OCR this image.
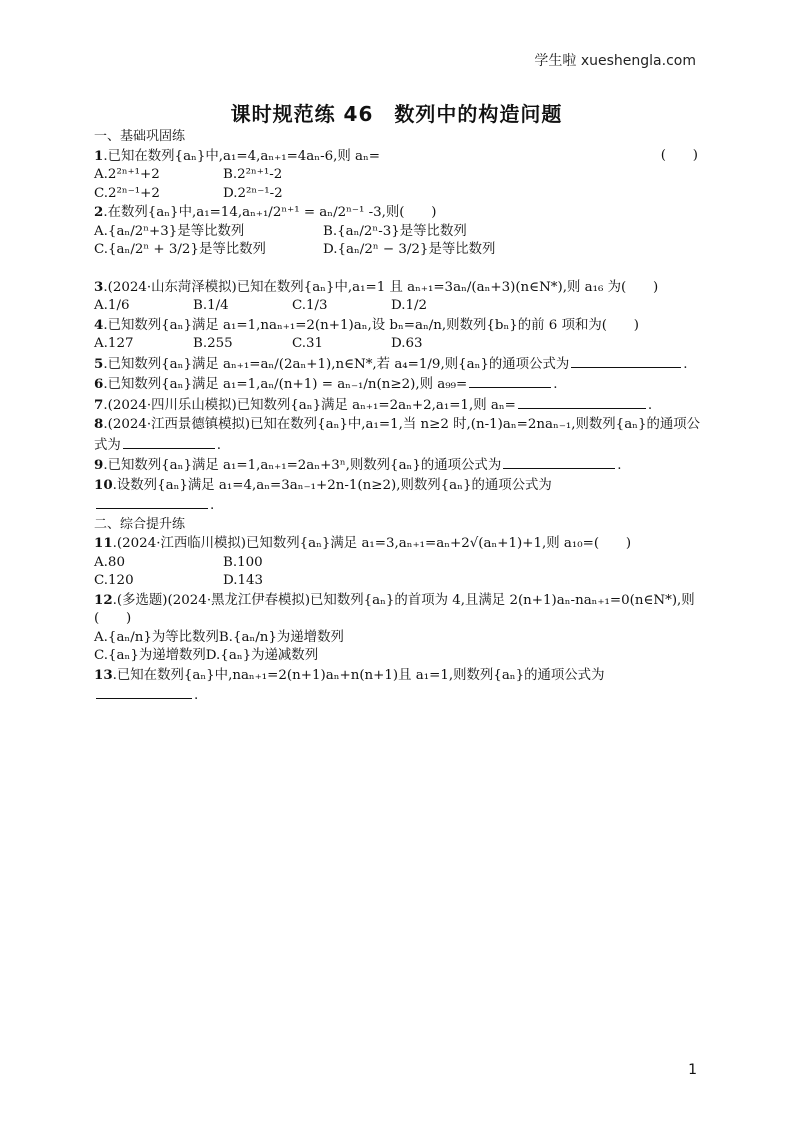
学生啦 xueshengla.com
课时规范练 46　数列中的构造问题
一、基础巩固练
1.已知在数列{aₙ}中,a₁=4,aₙ₊₁=4aₙ-6,则 aₙ=	(　　)
A.2²ⁿ⁺¹+2	B.2²ⁿ⁺¹-2
C.2²ⁿ⁻¹+2	D.2²ⁿ⁻¹-2
2.在数列{aₙ}中,a₁=14,aₙ₊₁/2ⁿ⁺¹ = aₙ/2ⁿ⁻¹ -3,则(　　)
A.{aₙ/2ⁿ+3}是等比数列	B.{aₙ/2ⁿ-3}是等比数列
C.{aₙ/2ⁿ + 3/2}是等比数列	D.{aₙ/2ⁿ − 3/2}是等比数列
3.(2024·山东菏泽模拟)已知在数列{aₙ}中,a₁=1 且 aₙ₊₁=3aₙ/(aₙ+3)(n∈N*),则 a₁₆ 为(　　)
A.1/6	B.1/4	C.1/3	D.1/2
4.已知数列{aₙ}满足 a₁=1,naₙ₊₁=2(n+1)aₙ,设 bₙ=aₙ/n,则数列{bₙ}的前 6 项和为(　　)
A.127	B.255	C.31	D.63
5.已知数列{aₙ}满足 aₙ₊₁=aₙ/(2aₙ+1),n∈N*,若 a₄=1/9,则{aₙ}的通项公式为	.
6.已知数列{aₙ}满足 a₁=1,aₙ/(n+1) = aₙ₋₁/n(n≥2),则 a₉₉=	.
7.(2024·四川乐山模拟)已知数列{aₙ}满足 aₙ₊₁=2aₙ+2,a₁=1,则 aₙ=	.
8.(2024·江西景德镇模拟)已知在数列{aₙ}中,a₁=1,当 n≥2 时,(n-1)aₙ=2naₙ₋₁,则数列{aₙ}的通项公式为	.
9.已知数列{aₙ}满足 a₁=1,aₙ₊₁=2aₙ+3ⁿ,则数列{aₙ}的通项公式为	.
10.设数列{aₙ}满足 a₁=4,aₙ=3aₙ₋₁+2n-1(n≥2),则数列{aₙ}的通项公式为.
二、综合提升练
11.(2024·江西临川模拟)已知数列{aₙ}满足 a₁=3,aₙ₊₁=aₙ+2√(aₙ+1)+1,则 a₁₀=(　　)
A.80	B.100
C.120	D.143
12.(多选题)(2024·黑龙江伊春模拟)已知数列{aₙ}的首项为 4,且满足 2(n+1)aₙ-naₙ₊₁=0(n∈N*),则(　　)
A.{aₙ/n}为等比数列B.{aₙ/n}为递增数列
C.{aₙ}为递增数列D.{aₙ}为递减数列
13.已知在数列{aₙ}中,naₙ₊₁=2(n+1)aₙ+n(n+1)且 a₁=1,则数列{aₙ}的通项公式为.
1
